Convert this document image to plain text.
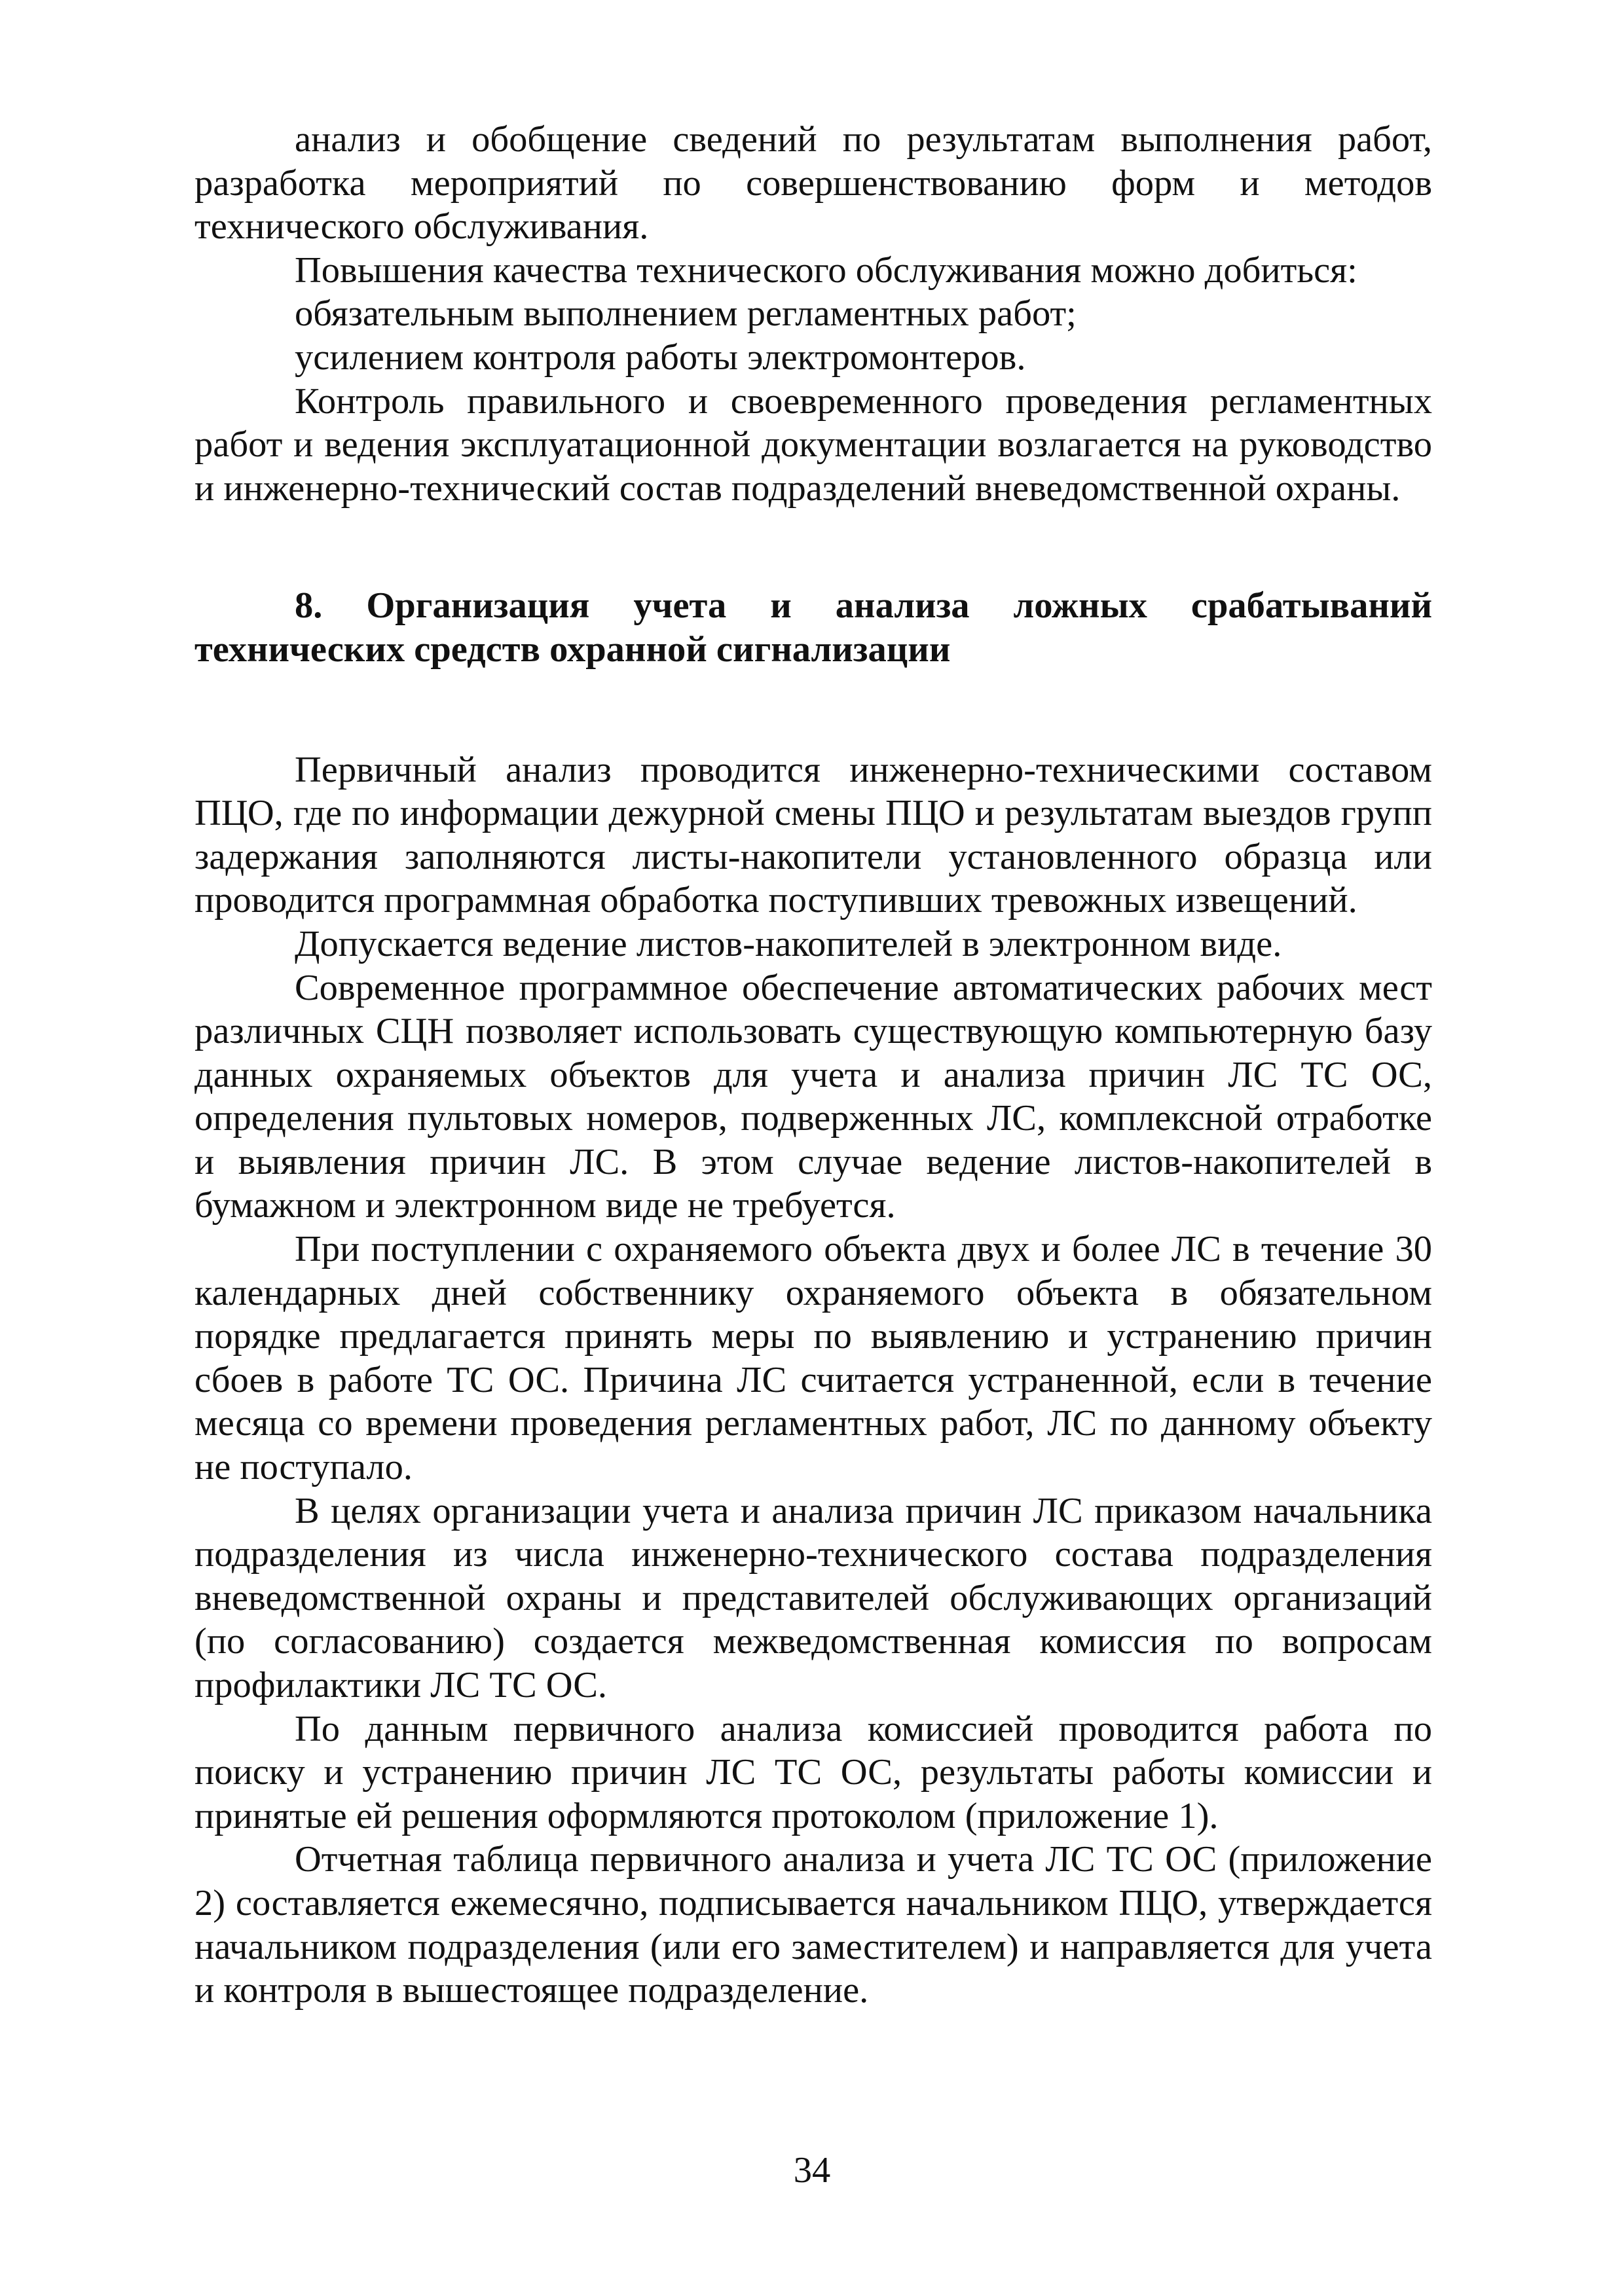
анализ и обобщение сведений по результатам выполнения работ, разработка мероприятий по совершенствованию форм и методов технического обслуживания.

Повышения качества технического обслуживания можно добиться:

обязательным выполнением регламентных работ;

усилением контроля работы электромонтеров.

Контроль правильного и своевременного проведения регламентных работ и ведения эксплуатационной документации возлагается на руководство и инженерно-технический состав подразделений вневедомственной охраны.

8. Организация учета и анализа ложных срабатываний технических средств охранной сигнализации

Первичный анализ проводится инженерно-техническими составом ПЦО, где по информации дежурной смены ПЦО и результатам выездов групп задержания заполняются листы-накопители установленного образца или проводится программная обработка поступивших тревожных извещений.

Допускается ведение листов-накопителей в электронном виде.

Современное программное обеспечение автоматических рабочих мест различных СЦН позволяет использовать существующую компьютерную базу данных охраняемых объектов для учета и анализа причин ЛС ТС ОС, определения пультовых номеров, подверженных ЛС, комплексной отработке и выявления причин ЛС. В этом случае ведение листов-накопителей в бумажном и электронном виде не требуется.

При поступлении с охраняемого объекта двух и более ЛС в течение 30 календарных дней собственнику охраняемого объекта в обязательном порядке предлагается принять меры по выявлению и устранению причин сбоев в работе ТС ОС. Причина ЛС считается устраненной, если в течение месяца со времени проведения регламентных работ, ЛС по данному объекту не поступало.

В целях организации учета и анализа причин ЛС приказом начальника подразделения из числа инженерно-технического состава подразделения вневедомственной охраны и представителей обслуживающих организаций (по согласованию) создается межведомственная комиссия по вопросам профилактики ЛС ТС ОС.

По данным первичного анализа комиссией проводится работа по поиску и устранению причин ЛС ТС ОС, результаты работы комиссии и принятые ей решения оформляются протоколом (приложение 1).

Отчетная таблица первичного анализа и учета ЛС ТС ОС (приложение 2) составляется ежемесячно, подписывается начальником ПЦО, утверждается начальником подразделения (или его заместителем) и направляется для учета и контроля в вышестоящее подразделение.

34
